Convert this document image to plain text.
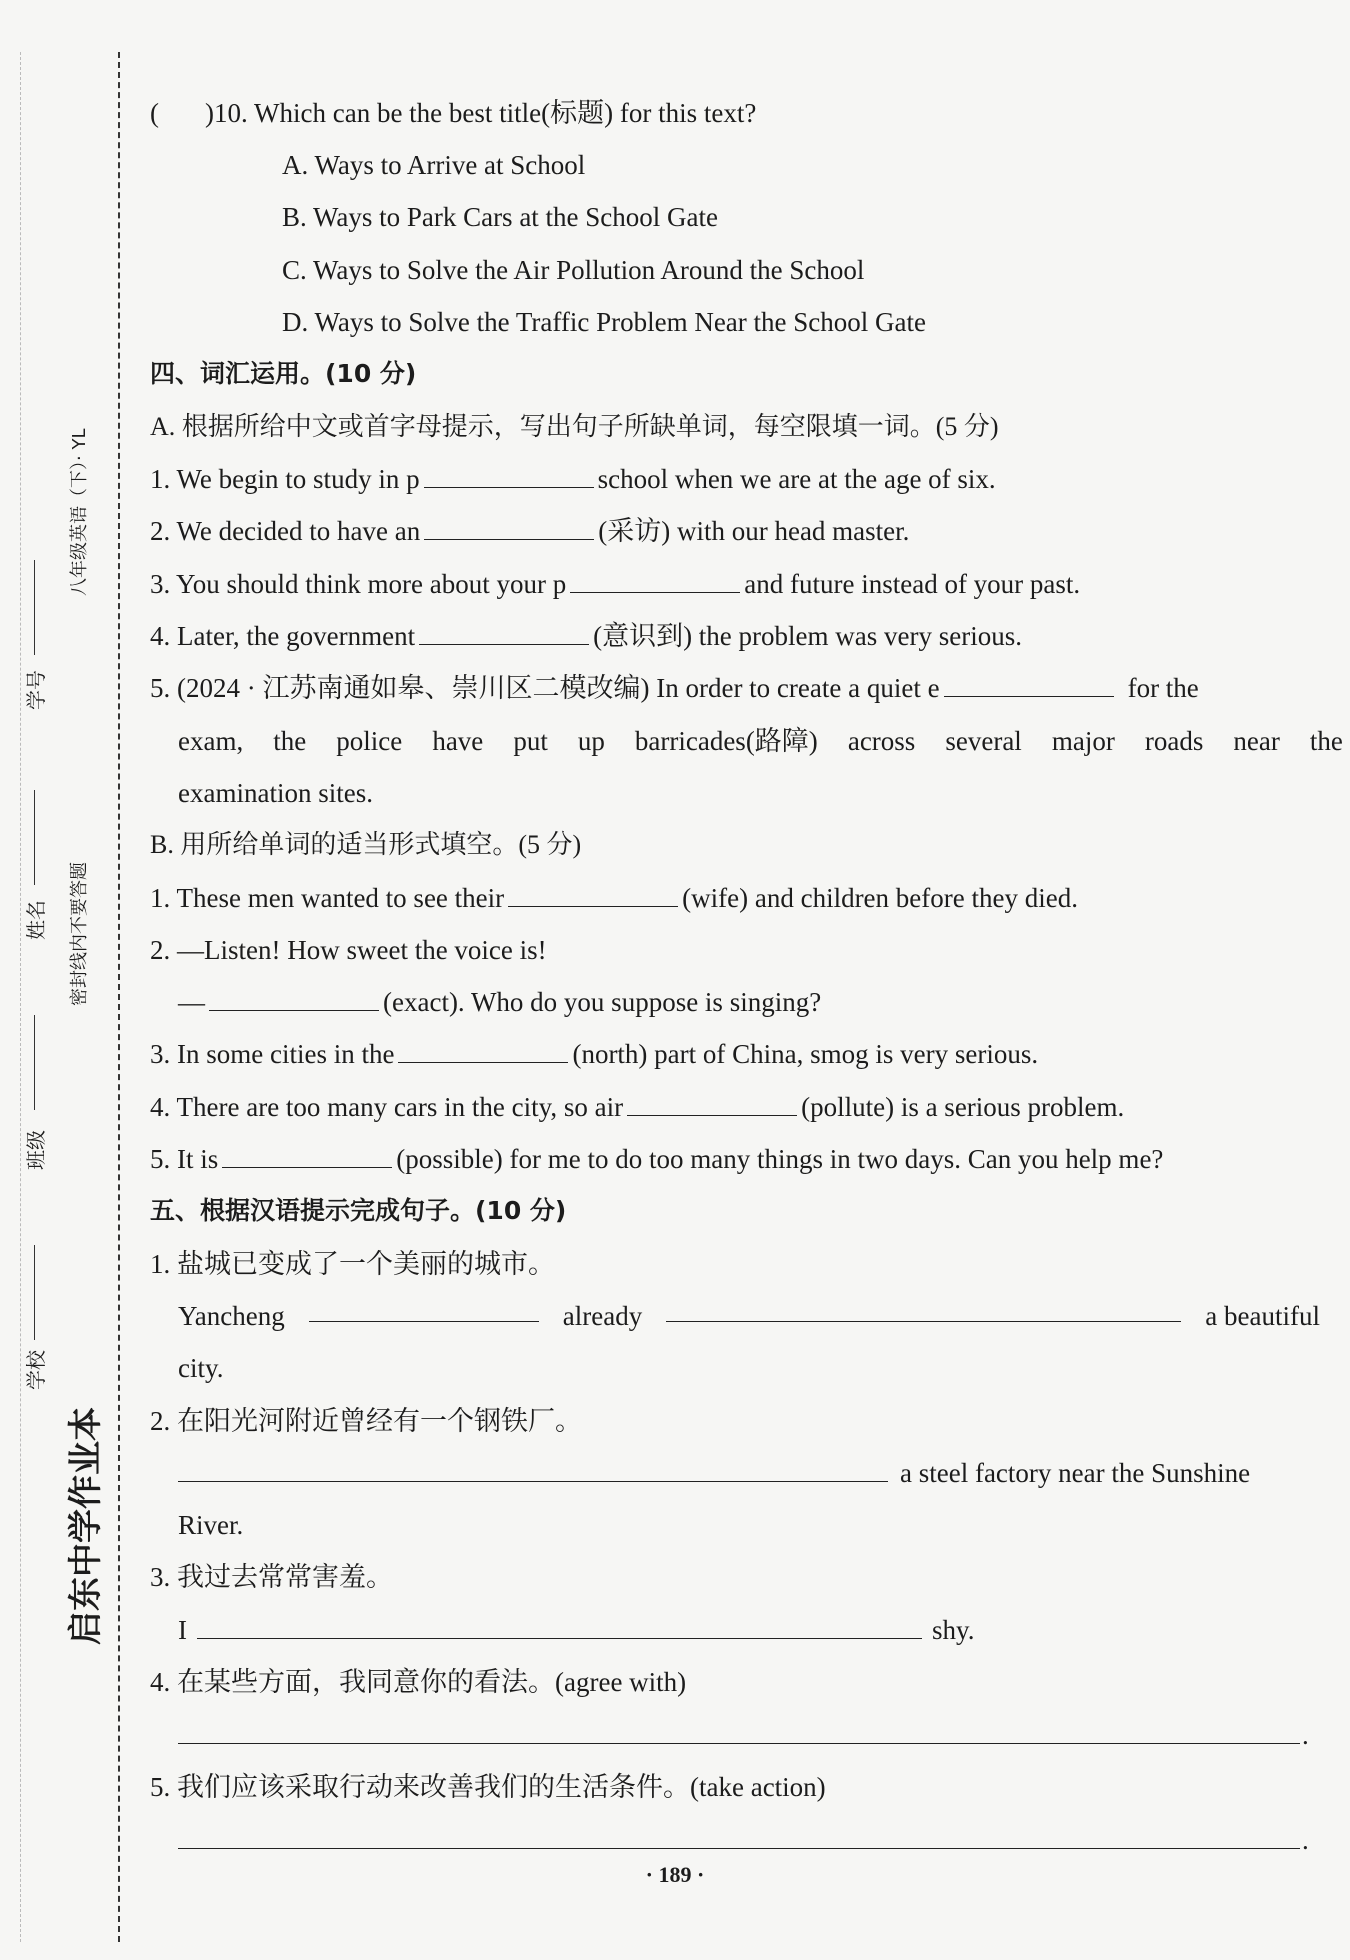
启东中学作业本
学校
班级
姓名
学号
八年级英语（下）· YL
密封线内不要答题
( )10. Which can be the best title(标题) for this text?
A. Ways to Arrive at School
B. Ways to Park Cars at the School Gate
C. Ways to Solve the Air Pollution Around the School
D. Ways to Solve the Traffic Problem Near the School Gate
四、词汇运用。(10 分)
A. 根据所给中文或首字母提示，写出句子所缺单词，每空限填一词。(5 分)
1. We begin to study in p	school when we are at the age of six.
2. We decided to have an	(采访) with our head master.
3. You should think more about your p	and future instead of your past.
4. Later, the government	(意识到) the problem was very serious.
5. (2024 · 江苏南通如皋、崇川区二模改编) In order to create a quiet e	for the
exam, the police have put up barricades(路障) across several major roads near the
examination sites.
B. 用所给单词的适当形式填空。(5 分)
1. These men wanted to see their	(wife) and children before they died.
2. —Listen! How sweet the voice is!
—	(exact). Who do you suppose is singing?
3. In some cities in the	(north) part of China, smog is very serious.
4. There are too many cars in the city, so air	(pollute) is a serious problem.
5. It is	(possible) for me to do too many things in two days. Can you help me?
五、根据汉语提示完成句子。(10 分)
1. 盐城已变成了一个美丽的城市。
Yancheng	already	a beautiful
city.
2. 在阳光河附近曾经有一个钢铁厂。
a steel factory near the Sunshine
River.
3. 我过去常常害羞。
I	shy.
4. 在某些方面，我同意你的看法。(agree with)
.
5. 我们应该采取行动来改善我们的生活条件。(take action)
.
· 189 ·
